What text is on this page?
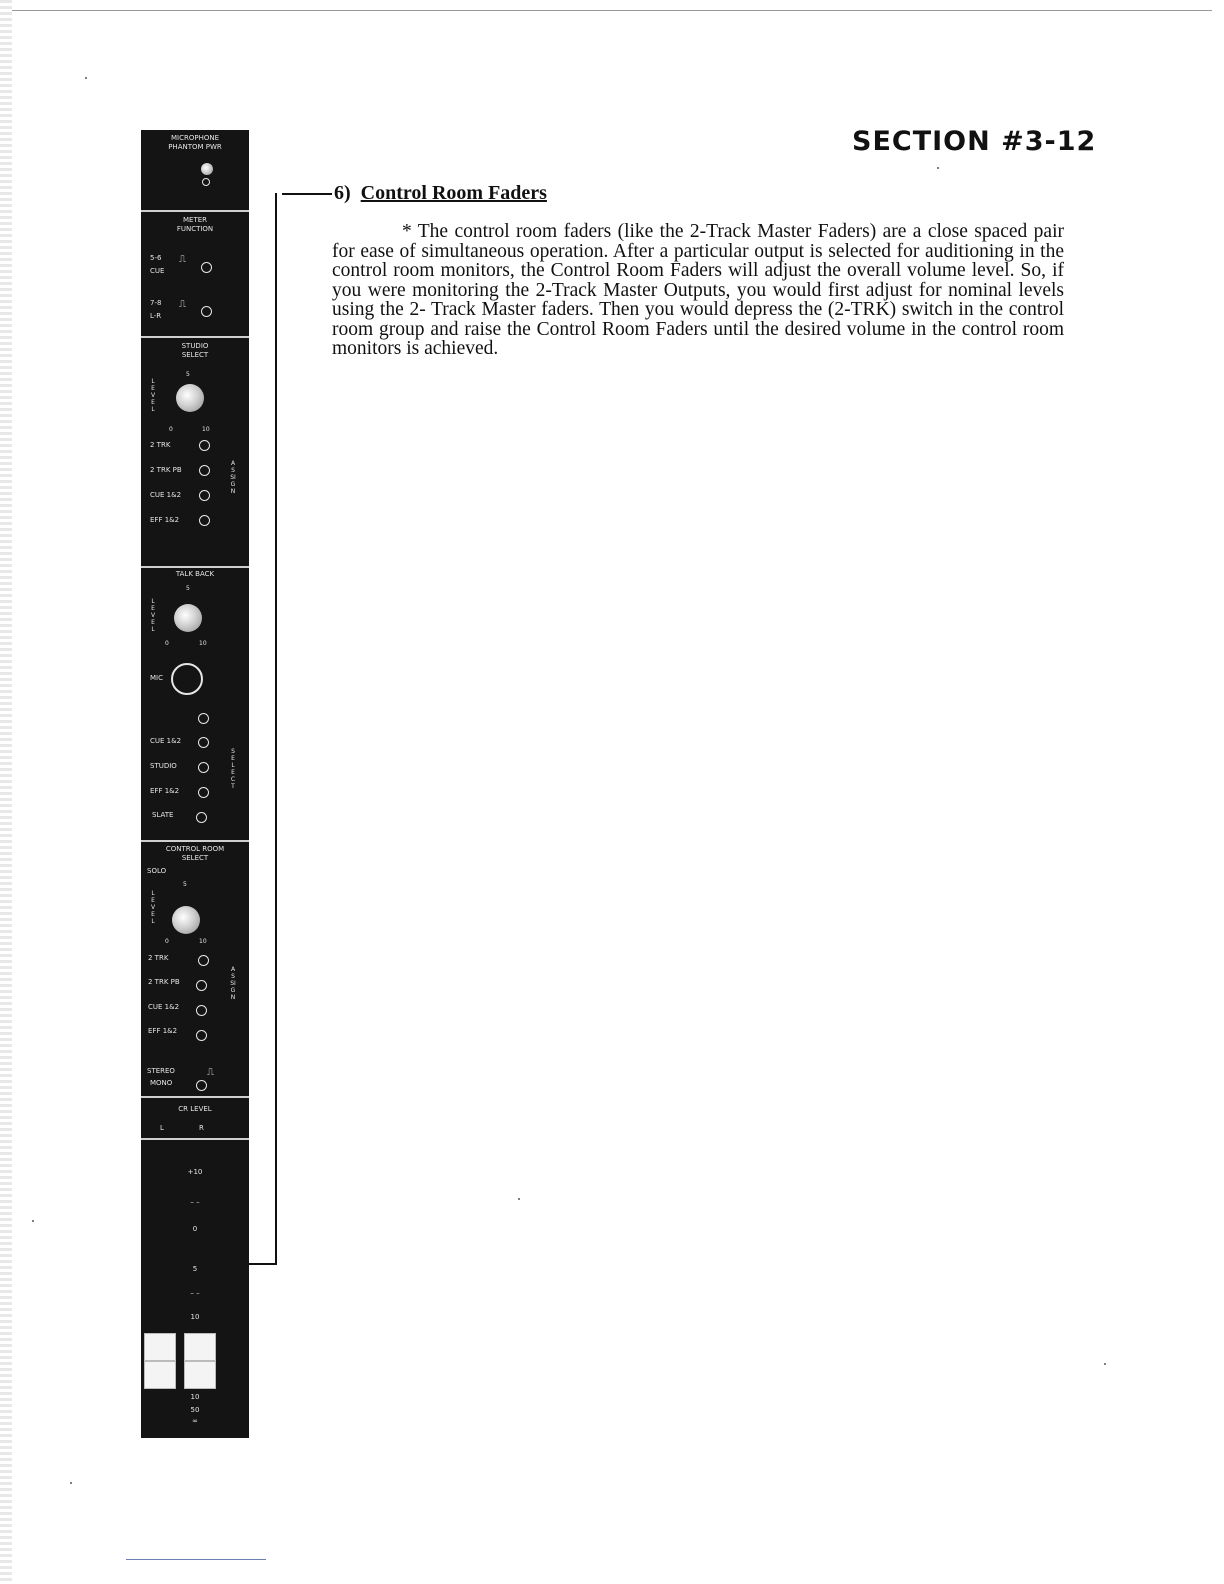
SECTION #3-12
6) Control Room Faders

* The control room faders (like the 2-Track Master Faders) are a close spaced pair for ease of simultaneous operation. After a particular output is selected for auditioning in the control room monitors, the Control Room Faders will adjust the overall volume level. So, if you were monitoring the 2-Track Master Outputs, you would first adjust for nominal levels using the 2- Track Master faders. Then you would depress the (2-TRK) switch in the control room group and raise the Control Room Faders until the desired volume in the control room monitors is achieved.

MICROPHONE
PHANTOM PWR
METER
FUNCTION
5-6
CUE
⎍
7-8
L-R
⎍
STUDIO
SELECT
LEVEL
5
0	10
2 TRK
2 TRK PB
CUE 1&2
EFF 1&2
ASSIGN
TALK BACK
LEVEL
5
0	10
MIC
CUE 1&2
STUDIO
EFF 1&2
SLATE
SELECT
CONTROL ROOM
SELECT
SOLO
LEVEL
5
0	10
2 TRK
2 TRK PB
CUE 1&2
EFF 1&2
ASSIGN
STEREO
MONO
⎍
CR LEVEL
L	R
+10
– –
0
5
– –
10
10
50
∞
